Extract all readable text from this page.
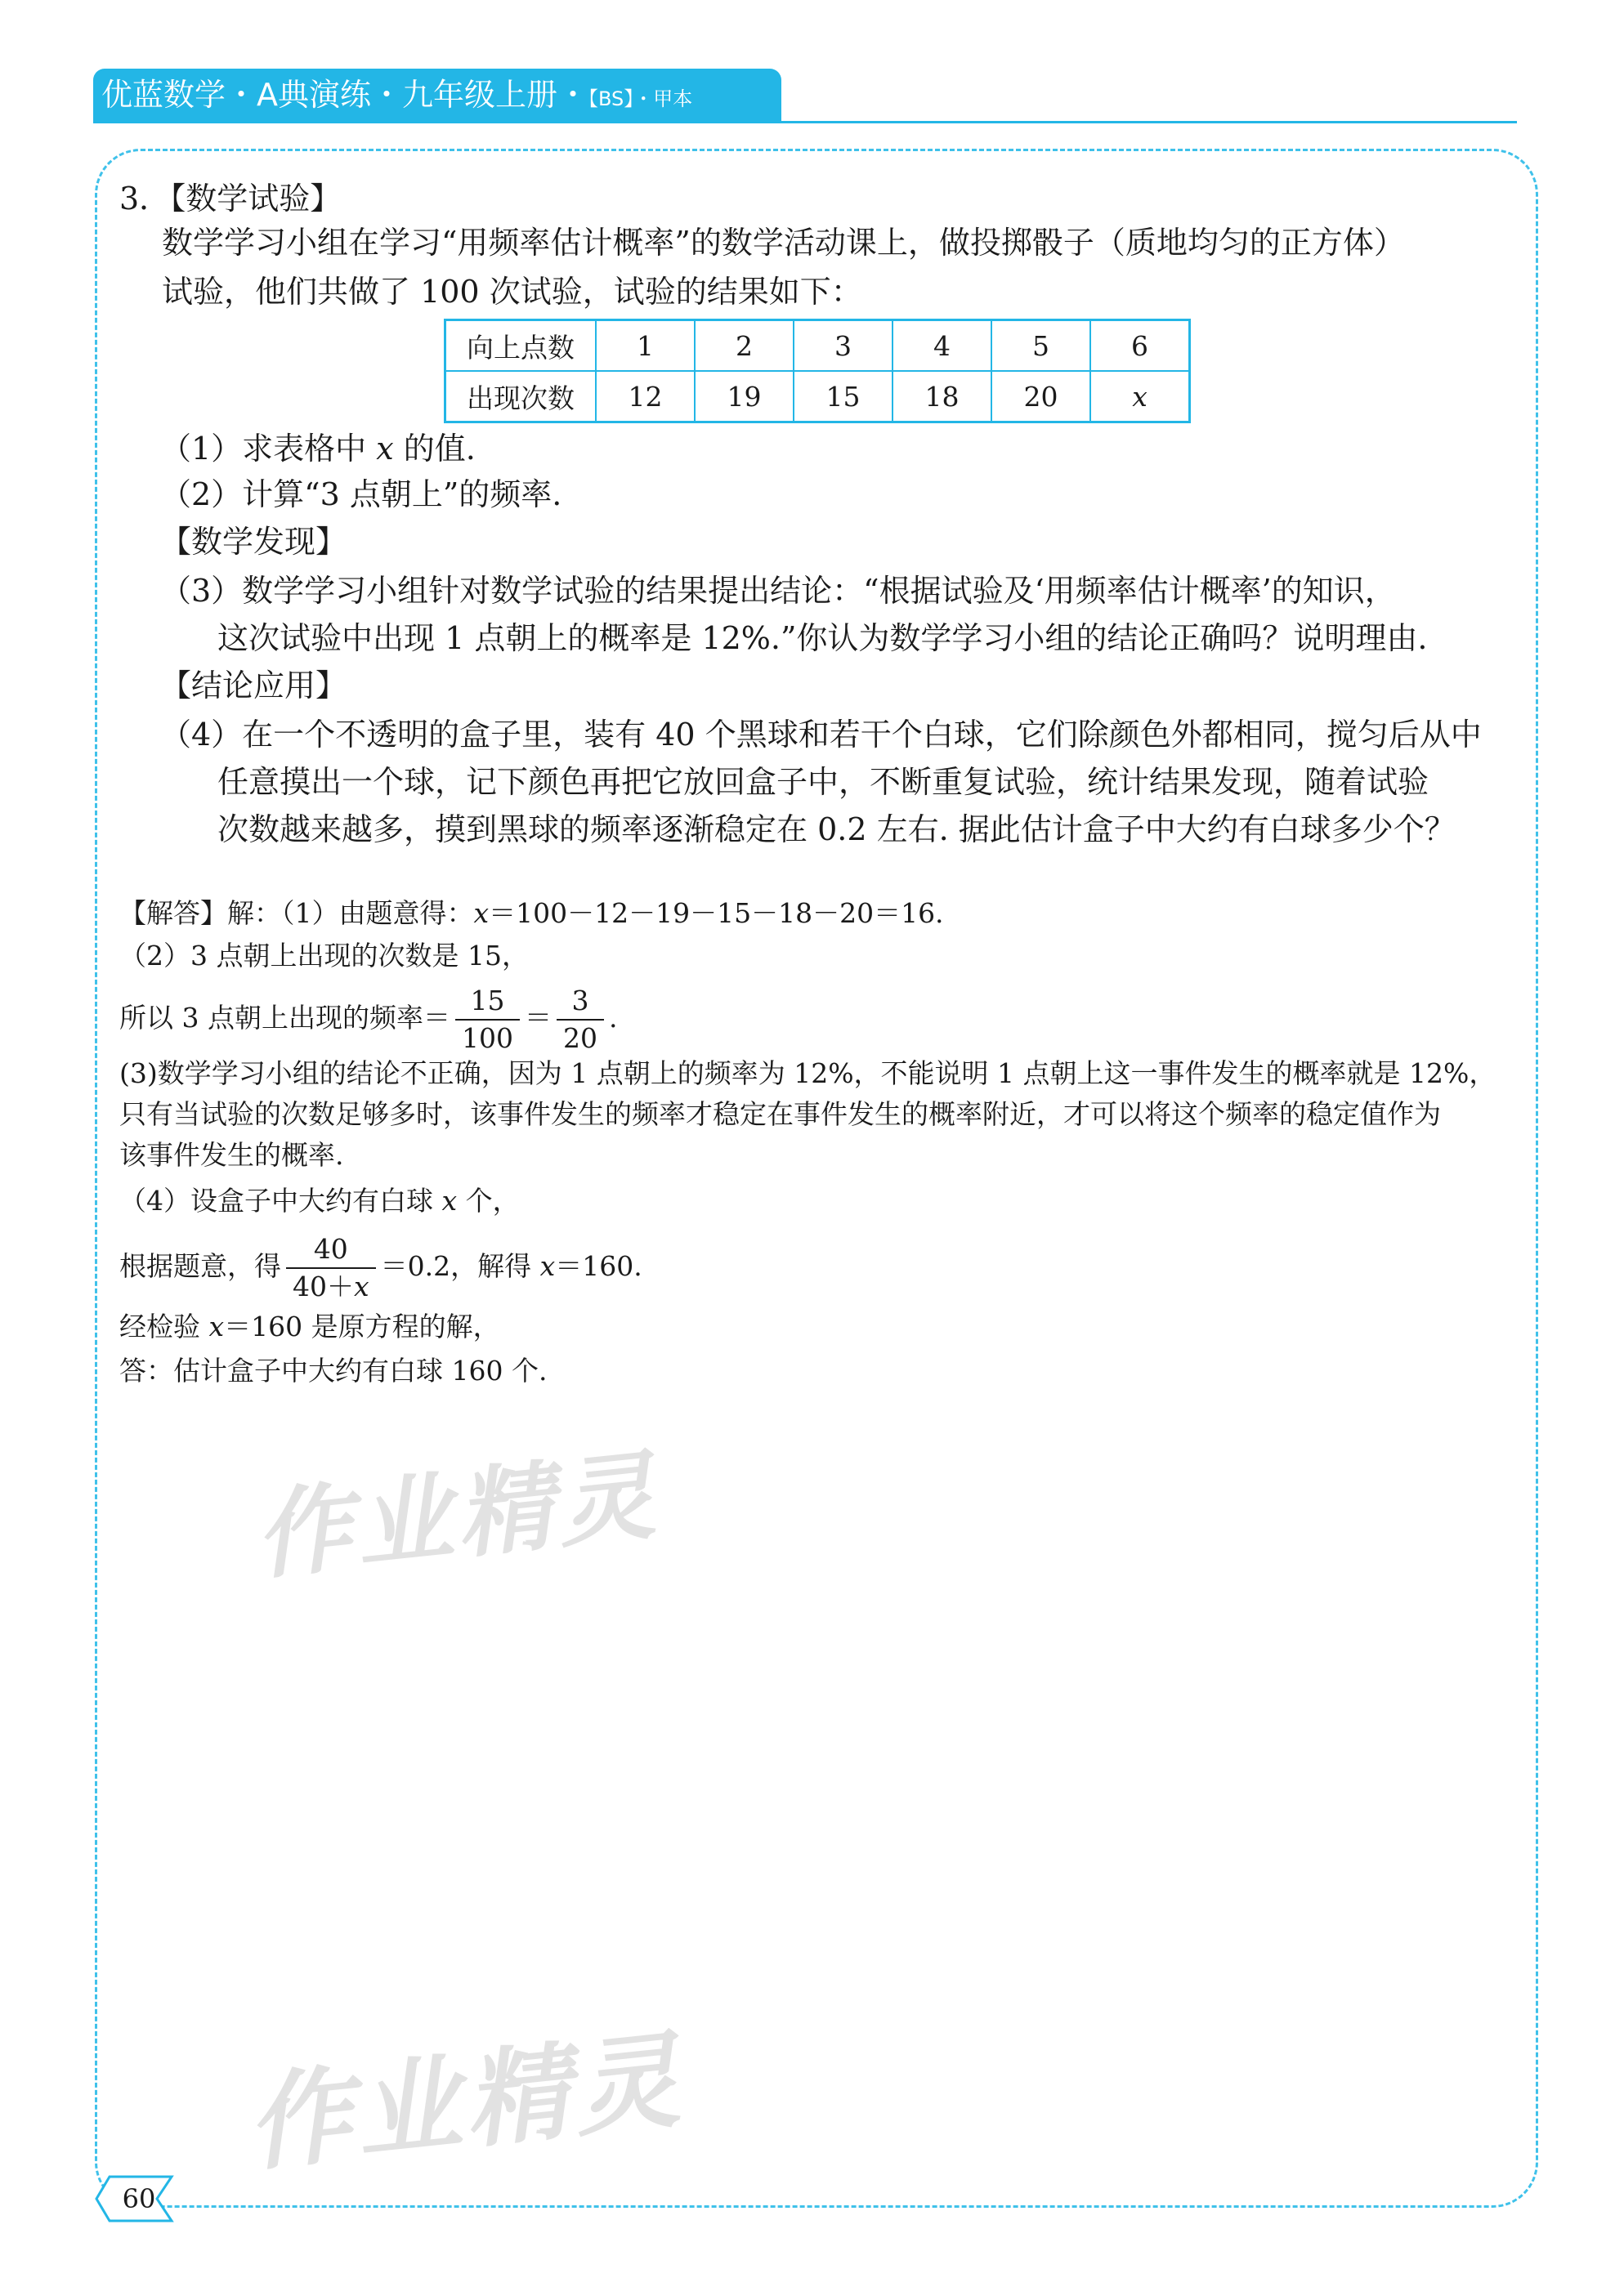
优蓝数学・A典演练・九年级上册・【BS】・甲本
3．【数学试验】
数学学习小组在学习“用频率估计概率”的数学活动课上，做投掷骰子（质地均匀的正方体）
试验，他们共做了 100 次试验，试验的结果如下：
向上点数	1	2	3	4	5	6
出现次数	12	19	15	18	20	x
（1）求表格中 x 的值.
（2）计算“3 点朝上”的频率.
【数学发现】
（3）数学学习小组针对数学试验的结果提出结论：“根据试验及‘用频率估计概率’的知识，
这次试验中出现 1 点朝上的概率是 12%.”你认为数学学习小组的结论正确吗？说明理由.
【结论应用】
（4）在一个不透明的盒子里，装有 40 个黑球和若干个白球，它们除颜色外都相同，搅匀后从中
任意摸出一个球，记下颜色再把它放回盒子中，不断重复试验，统计结果发现，随着试验
次数越来越多，摸到黑球的频率逐渐稳定在 0.2 左右. 据此估计盒子中大约有白球多少个？
【解答】解：（1）由题意得：x＝100－12－19－15－18－20＝16.
（2）3 点朝上出现的次数是 15，
所以 3 点朝上出现的频率＝ $\frac{15}{100} = \frac{3}{20}$ .
(3)数学学习小组的结论不正确，因为 1 点朝上的频率为 12%，不能说明 1 点朝上这一事件发生的概率就是 12%，
只有当试验的次数足够多时，该事件发生的频率才稳定在事件发生的概率附近，才可以将这个频率的稳定值作为
该事件发生的概率.
（4）设盒子中大约有白球 x 个，
根据题意，得 $\frac{40}{40+x} =0.2$，解得 x＝160.
经检验 x＝160 是原方程的解，
答：估计盒子中大约有白球 160 个.
作业精灵
作业精灵
60
